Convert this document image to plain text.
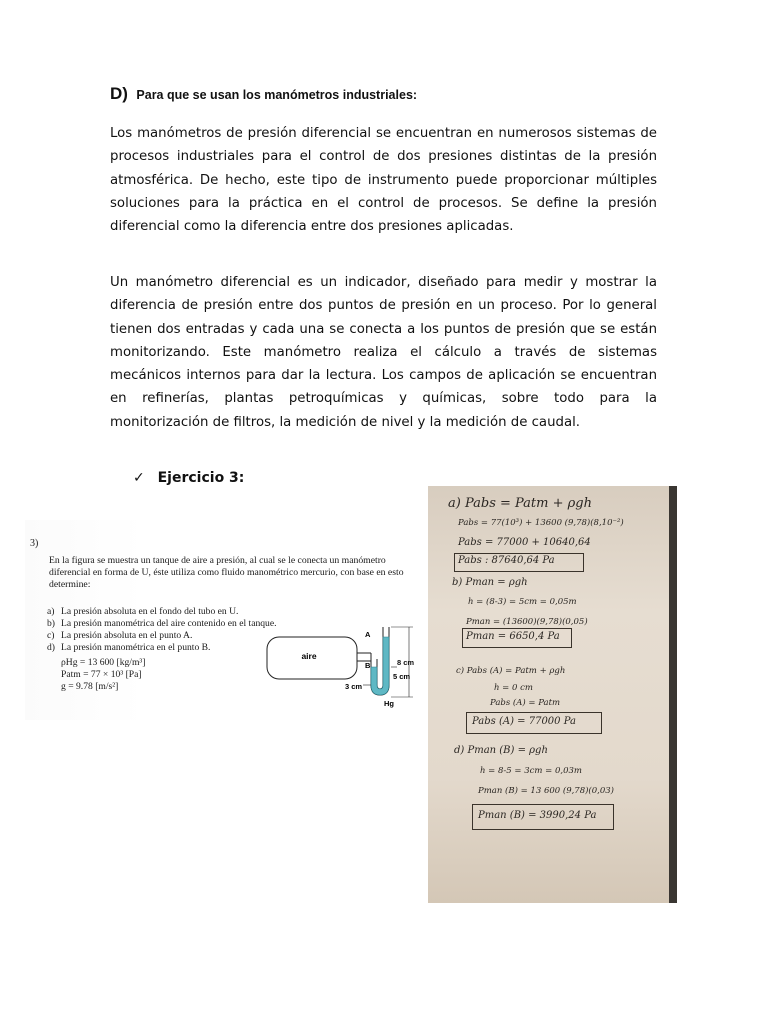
D) Para que se usan los manómetros industriales:

Los manómetros de presión diferencial se encuentran en numerosos sistemas de procesos industriales para el control de dos presiones distintas de la presión atmosférica. De hecho, este tipo de instrumento puede proporcionar múltiples soluciones para la práctica en el control de procesos. Se define la presión diferencial como la diferencia entre dos presiones aplicadas.

Un manómetro diferencial es un indicador, diseñado para medir y mostrar la diferencia de presión entre dos puntos de presión en un proceso. Por lo general tienen dos entradas y cada una se conecta a los puntos de presión que se están monitorizando. Este manómetro realiza el cálculo a través de sistemas mecánicos internos para dar la lectura. Los campos de aplicación se encuentran en refinerías, plantas petroquímicas y químicas, sobre todo para la monitorización de filtros, la medición de nivel y la medición de caudal.

✓ Ejercicio 3:
3)
En la figura se muestra un tanque de aire a presión, al cual se le conecta un manómetro diferencial en forma de U, éste utiliza como fluido manométrico mercurio, con base en esto determine:
a) La presión absoluta en el fondo del tubo en U.
b) La presión manométrica del aire contenido en el tanque.
c) La presión absoluta en el punto A.
d) La presión manométrica en el punto B.
ρHg = 13 600 [kg/m³]
Patm = 77 × 10³ [Pa]
g = 9.78 [m/s²]
aire
A
B	8 cm
5 cm
3 cm
Hg
a) Pabs = Patm + ρgh
Pabs = 77(10³) + 13600 (9,78)(8,10⁻²)
Pabs = 77000 + 10640,64
Pabs : 87640,64 Pa
b) Pman = ρgh
h = (8-3) = 5cm = 0,05m
Pman = (13600)(9,78)(0,05)
Pman = 6650,4 Pa
c) Pabs (A) = Patm + ρgh
h = 0 cm
Pabs (A) = Patm
Pabs (A) = 77000 Pa
d) Pman (B) = ρgh
h = 8-5 = 3cm = 0,03m
Pman (B) = 13 600 (9,78)(0,03)
Pman (B) = 3990,24 Pa
